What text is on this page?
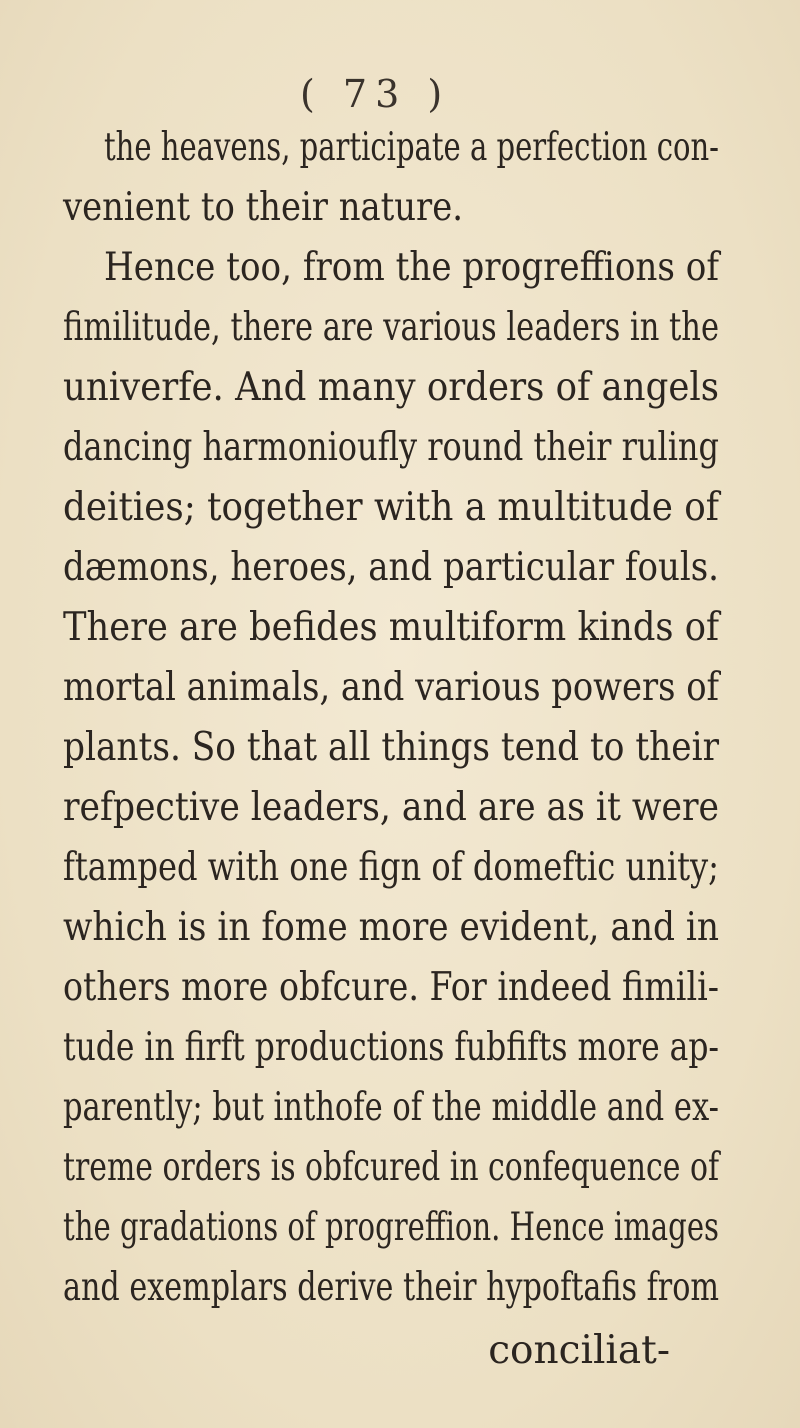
( 73 )
the heavens, participate a perfection con-
venient to their nature.
Hence too, from the progreffions of
fimilitude, there are various leaders in the
univerfe. And many orders of angels
dancing harmonioufly round their ruling
deities; together with a multitude of
dæmons, heroes, and particular fouls.
There are befides multiform kinds of
mortal animals, and various powers of
plants. So that all things tend to their
refpective leaders, and are as it were
ftamped with one fign of domeftic unity;
which is in fome more evident, and in
others more obfcure. For indeed fimili-
tude in firft productions fubfifts more ap-
parently; but inthofe of the middle and ex-
treme orders is obfcured in confequence of
the gradations of progreffion. Hence images
and exemplars derive their hypoftafis from
conciliat-
